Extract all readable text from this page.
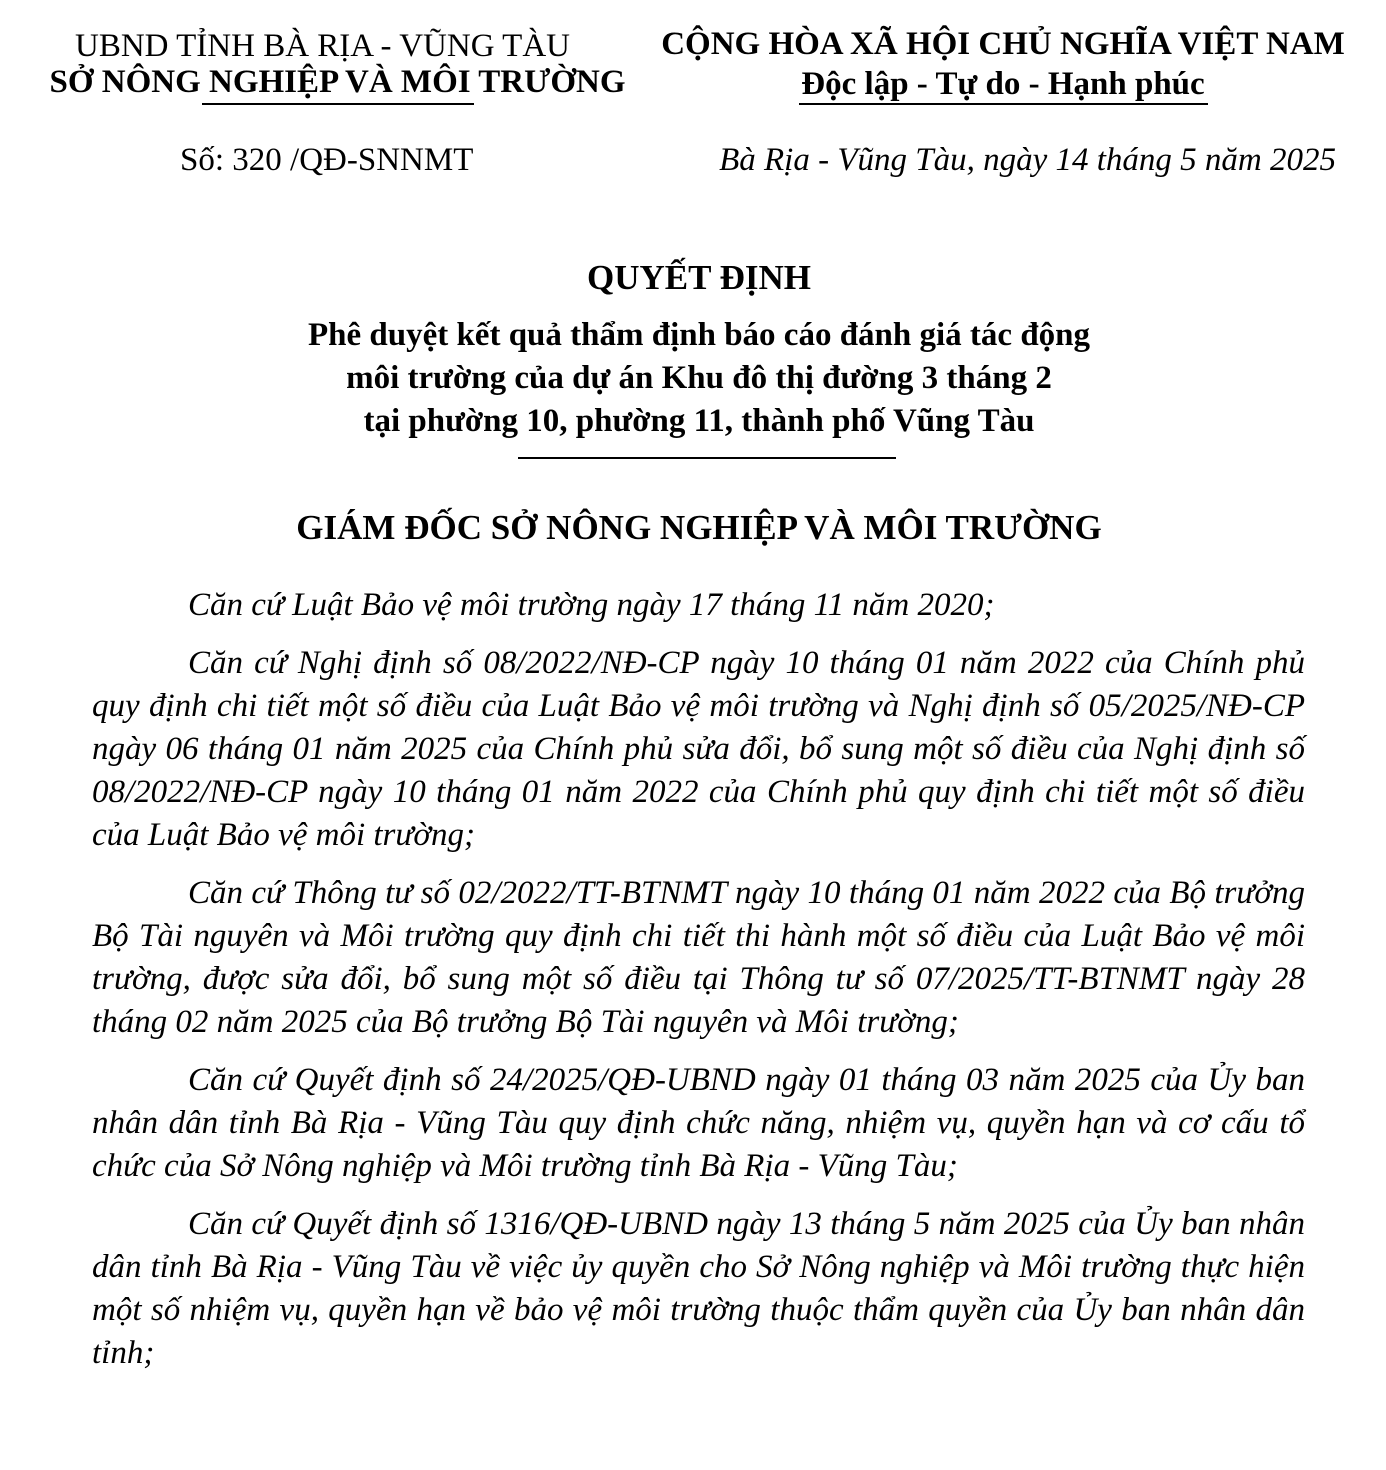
UBND TỈNH BÀ RỊA - VŨNG TÀU
SỞ NÔNG NGHIỆP VÀ MÔI TRƯỜNG
CỘNG HÒA XÃ HỘI CHỦ NGHĨA VIỆT NAM
Độc lập - Tự do - Hạnh phúc
Số: 320 /QĐ-SNNMT	Bà Rịa - Vũng Tàu, ngày 14 tháng 5 năm 2025
QUYẾT ĐỊNH
Phê duyệt kết quả thẩm định báo cáo đánh giá tác động
môi trường của dự án Khu đô thị đường 3 tháng 2
tại phường 10, phường 11, thành phố Vũng Tàu
GIÁM ĐỐC SỞ NÔNG NGHIỆP VÀ MÔI TRƯỜNG

Căn cứ Luật Bảo vệ môi trường ngày 17 tháng 11 năm 2020;

Căn cứ Nghị định số 08/2022/NĐ-CP ngày 10 tháng 01 năm 2022 của Chính phủ quy định chi tiết một số điều của Luật Bảo vệ môi trường và Nghị định số 05/2025/NĐ-CP ngày 06 tháng 01 năm 2025 của Chính phủ sửa đổi, bổ sung một số điều của Nghị định số 08/2022/NĐ-CP ngày 10 tháng 01 năm 2022 của Chính phủ quy định chi tiết một số điều của Luật Bảo vệ môi trường;

Căn cứ Thông tư số 02/2022/TT-BTNMT ngày 10 tháng 01 năm 2022 của Bộ trưởng Bộ Tài nguyên và Môi trường quy định chi tiết thi hành một số điều của Luật Bảo vệ môi trường, được sửa đổi, bổ sung một số điều tại Thông tư số 07/2025/TT-BTNMT ngày 28 tháng 02 năm 2025 của Bộ trưởng Bộ Tài nguyên và Môi trường;

Căn cứ Quyết định số 24/2025/QĐ-UBND ngày 01 tháng 03 năm 2025 của Ủy ban nhân dân tỉnh Bà Rịa - Vũng Tàu quy định chức năng, nhiệm vụ, quyền hạn và cơ cấu tổ chức của Sở Nông nghiệp và Môi trường tỉnh Bà Rịa - Vũng Tàu;

Căn cứ Quyết định số 1316/QĐ-UBND ngày 13 tháng 5 năm 2025 của Ủy ban nhân dân tỉnh Bà Rịa - Vũng Tàu về việc ủy quyền cho Sở Nông nghiệp và Môi trường thực hiện một số nhiệm vụ, quyền hạn về bảo vệ môi trường thuộc thẩm quyền của Ủy ban nhân dân tỉnh;
